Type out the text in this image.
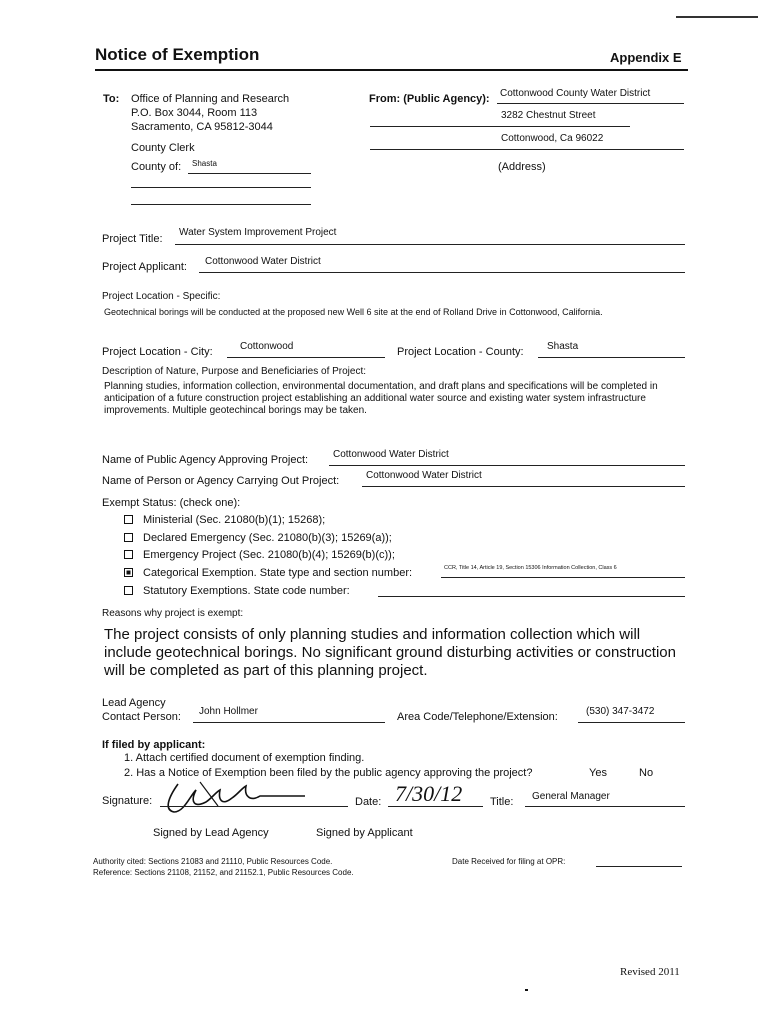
Notice of Exemption	Appendix E
To: Office of Planning and Research
P.O. Box 3044, Room 113
Sacramento, CA 95812-3044
County Clerk
County of: Shasta
From: (Public Agency): Cottonwood County Water District
3282 Chestnut Street
Cottonwood, Ca 96022
(Address)
Project Title:
Water System Improvement Project
Project Applicant: Cottonwood Water District
Project Location - Specific:
Geotechnical borings will be conducted at the proposed new Well 6 site at the end of Rolland Drive in Cottonwood, California.
Project Location - City:	Cottonwood	Project Location - County: Shasta
Description of Nature, Purpose and Beneficiaries of Project:
Planning studies, information collection, environmental documentation, and draft plans and specifications will be completed in anticipation of a future construction project establishing an additional water source and existing water system infrastructure improvements. Multiple geotechincal borings may be taken.
Name of Public Agency Approving Project: Cottonwood Water District
Name of Person or Agency Carrying Out Project:	Cottonwood Water District
Exempt Status: (check one):
Ministerial (Sec. 21080(b)(1); 15268);
Declared Emergency (Sec. 21080(b)(3); 15269(a));
Emergency Project (Sec. 21080(b)(4); 15269(b)(c));
Categorical Exemption. State type and section number:	CCR, Title 14, Article 19, Section 15306 Information Collection, Class 6
Statutory Exemptions. State code number:
Reasons why project is exempt:
The project consists of only planning studies and information collection which will include geotechnical borings. No significant ground disturbing activities or construction will be completed as part of this planning project.
Lead Agency
Contact Person: John Hollmer	Area Code/Telephone/Extension:	(530) 347-3472
If filed by applicant:
1. Attach certified document of exemption finding.
2. Has a Notice of Exemption been filed by the public agency approving the project?	Yes	No
Signature:	Date: 7/30/12	Title: General Manager
Signed by Lead Agency	Signed by Applicant
Authority cited: Sections 21083 and 21110, Public Resources Code.
Reference: Sections 21108, 21152, and 21152.1, Public Resources Code.
Date Received for filing at OPR:
Revised 2011
